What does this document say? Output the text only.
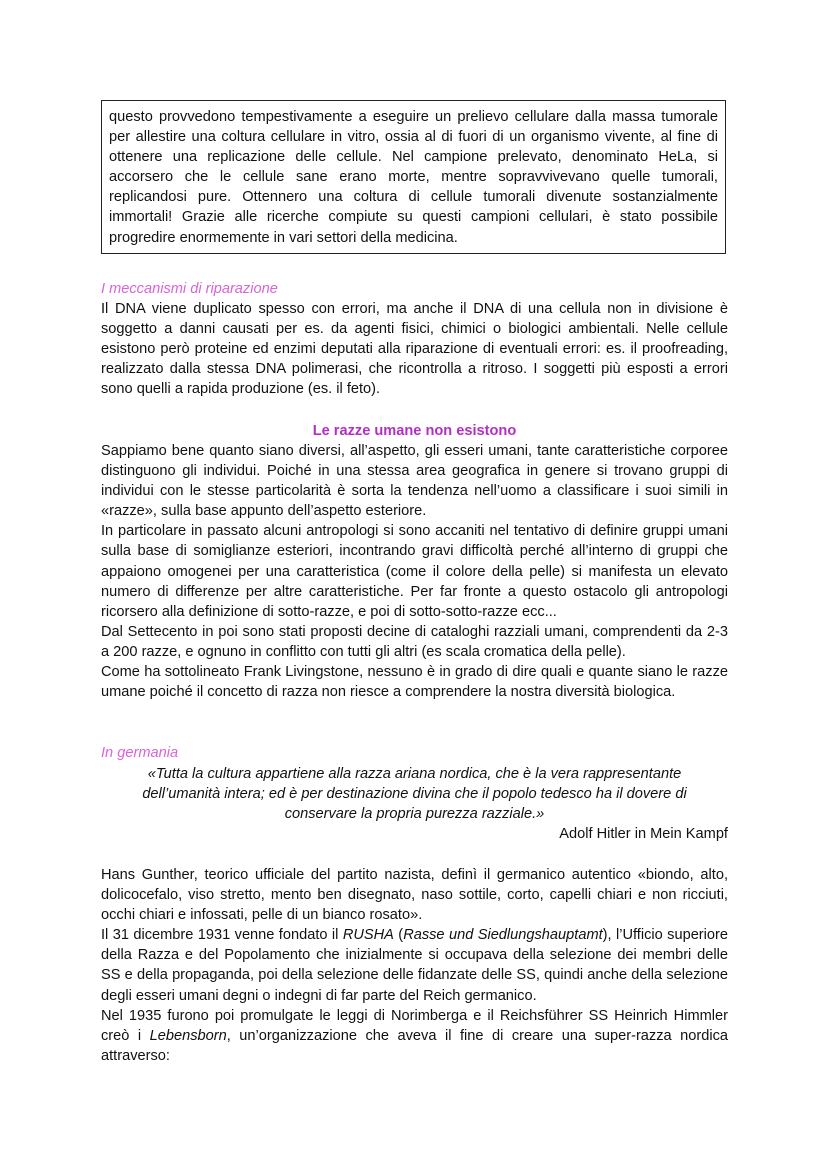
questo provvedono tempestivamente a eseguire un prelievo cellulare dalla massa tumorale per allestire una coltura cellulare in vitro, ossia al di fuori di un organismo vivente, al fine di ottenere una replicazione delle cellule. Nel campione prelevato, denominato HeLa, si accorsero che le cellule sane erano morte, mentre sopravvivevano quelle tumorali, replicandosi pure. Ottennero una coltura di cellule tumorali divenute sostanzialmente immortali! Grazie alle ricerche compiute su questi campioni cellulari, è stato possibile progredire enormemente in vari settori della medicina.

I meccanismi di riparazione

Il DNA viene duplicato spesso con errori, ma anche il DNA di una cellula non in divisione è soggetto a danni causati per es. da agenti fisici, chimici o biologici ambientali. Nelle cellule esistono però proteine ed enzimi deputati alla riparazione di eventuali errori: es. il proofreading, realizzato dalla stessa DNA polimerasi, che ricontrolla a ritroso. I soggetti più esposti a errori sono quelli a rapida produzione (es. il feto).

Le razze umane non esistono

Sappiamo bene quanto siano diversi, all’aspetto, gli esseri umani, tante caratteristiche corporee distinguono gli individui. Poiché in una stessa area geografica in genere si trovano gruppi di individui con le stesse particolarità è sorta la tendenza nell’uomo a classificare i suoi simili in «razze», sulla base appunto dell’aspetto esteriore.

In particolare in passato alcuni antropologi si sono accaniti nel tentativo di definire gruppi umani sulla base di somiglianze esteriori, incontrando gravi difficoltà perché all’interno di gruppi che appaiono omogenei per una caratteristica (come il colore della pelle) si manifesta un elevato numero di differenze per altre caratteristiche. Per far fronte a questo ostacolo gli antropologi ricorsero alla definizione di sotto-razze, e poi di sotto-sotto-razze ecc...

Dal Settecento in poi sono stati proposti decine di cataloghi razziali umani, comprendenti da 2-3 a 200 razze, e ognuno in conflitto con tutti gli altri (es scala cromatica della pelle).

Come ha sottolineato Frank Livingstone, nessuno è in grado di dire quali e quante siano le razze umane poiché il concetto di razza non riesce a comprendere la nostra diversità biologica.

In germania
«Tutta la cultura appartiene alla razza ariana nordica, che è la vera rappresentante dell’umanità intera; ed è per destinazione divina che il popolo tedesco ha il dovere di conservare la propria purezza razziale.»
Adolf Hitler in Mein Kampf

Hans Gunther, teorico ufficiale del partito nazista, definì il germanico autentico «biondo, alto, dolicocefalo, viso stretto, mento ben disegnato, naso sottile, corto, capelli chiari e non ricciuti, occhi chiari e infossati, pelle di un bianco rosato».

Il 31 dicembre 1931 venne fondato il RUSHA (Rasse und Siedlungshauptamt), l’Ufficio superiore della Razza e del Popolamento che inizialmente si occupava della selezione dei membri delle SS e della propaganda, poi della selezione delle fidanzate delle SS, quindi anche della selezione degli esseri umani degni o indegni di far parte del Reich germanico.

Nel 1935 furono poi promulgate le leggi di Norimberga e il Reichsführer SS Heinrich Himmler creò i Lebensborn, un’organizzazione che aveva il fine di creare una super-razza nordica attraverso:
